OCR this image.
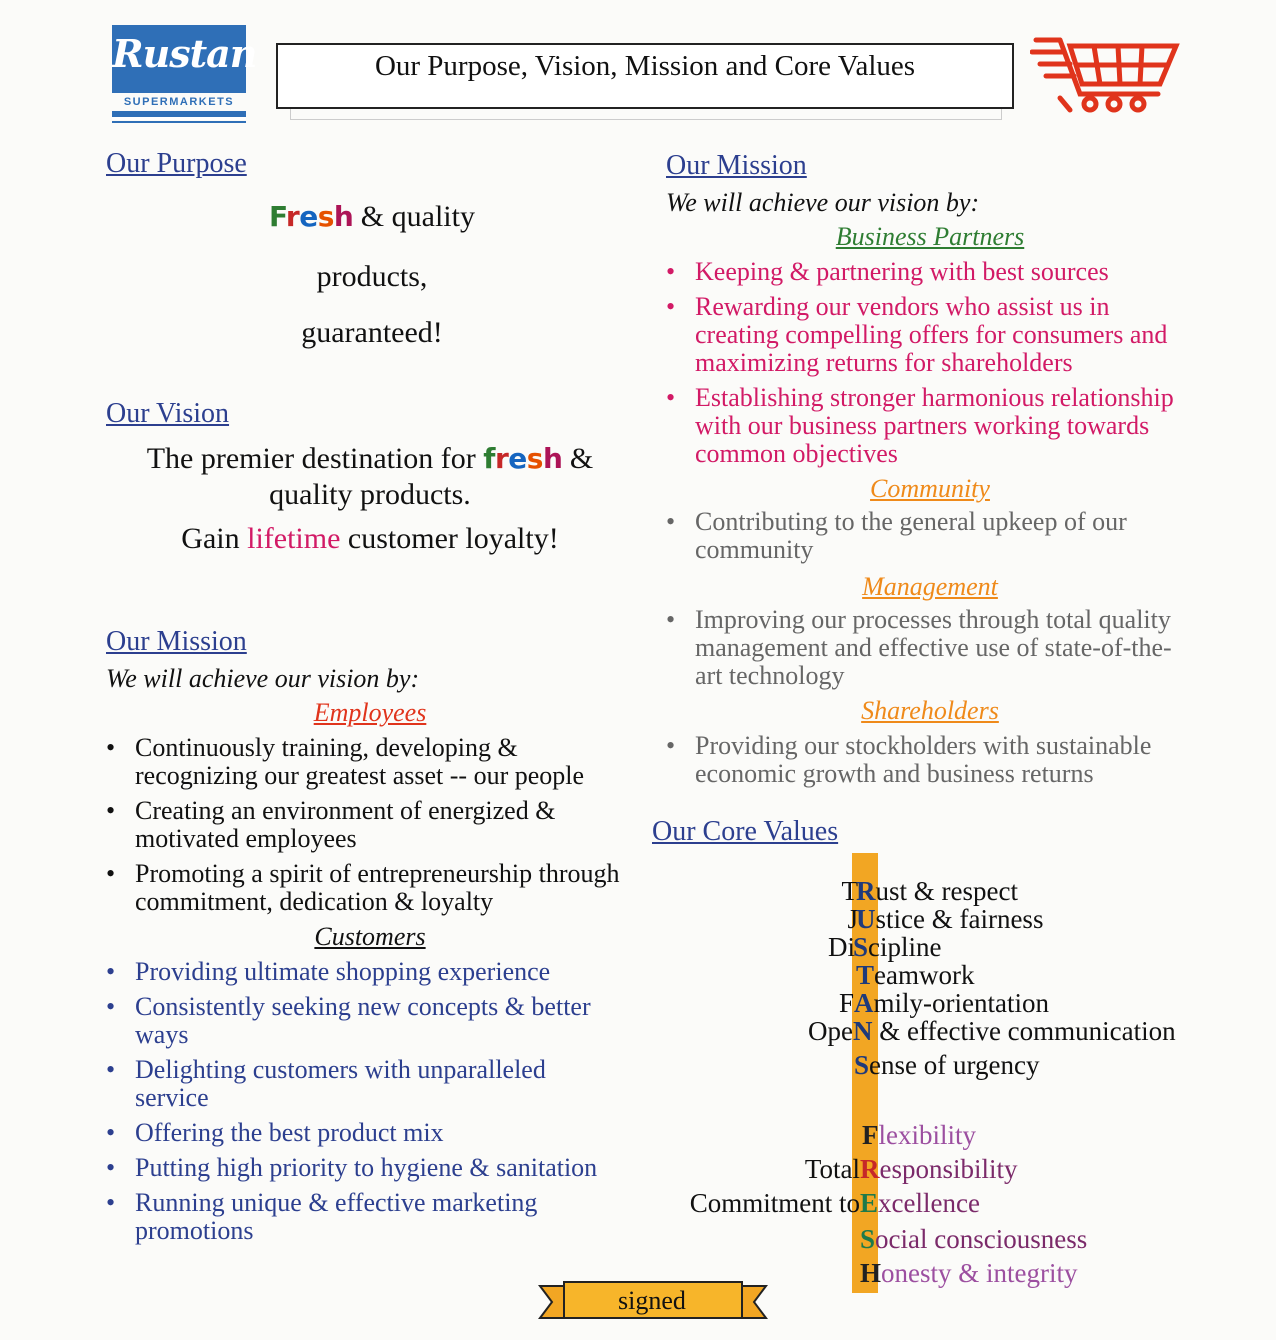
Rustan
SUPERMARKETS
Our Purpose, Vision, Mission and Core Values
Our Purpose
Fresh & quality
products,
guaranteed!
Our Vision
The premier destination for fresh &
quality products.
Gain lifetime customer loyalty!
Our Mission
We will achieve our vision by:
Employees
• Continuously training, developing & recognizing our greatest asset -- our people
• Creating an environment of energized & motivated employees
• Promoting a spirit of entrepreneurship through commitment, dedication & loyalty
Customers
• Providing ultimate shopping experience
• Consistently seeking new concepts & better ways
• Delighting customers with unparalleled service
• Offering the best product mix
• Putting high priority to hygiene & sanitation
• Running unique & effective marketing promotions
Our Mission
We will achieve our vision by:
Business Partners
• Keeping & partnering with best sources
• Rewarding our vendors who assist us in creating compelling offers for consumers and maximizing returns for shareholders
• Establishing stronger harmonious relationship with our business partners working towards common objectives
Community
• Contributing to the general upkeep of our community
Management
• Improving our processes through total quality management and effective use of state-of-the-art technology
Shareholders
• Providing our stockholders with sustainable economic growth and business returns
Our Core Values
T
Rust & respect
J
Ustice & fairness
Di
Scipline
Teamwork
F Amily-orientation
Ope N & effective communication
Sense of urgency
Flexibility
Total Responsibility
Commitment to Excellence
Social consciousness
Honesty & integrity
signed
